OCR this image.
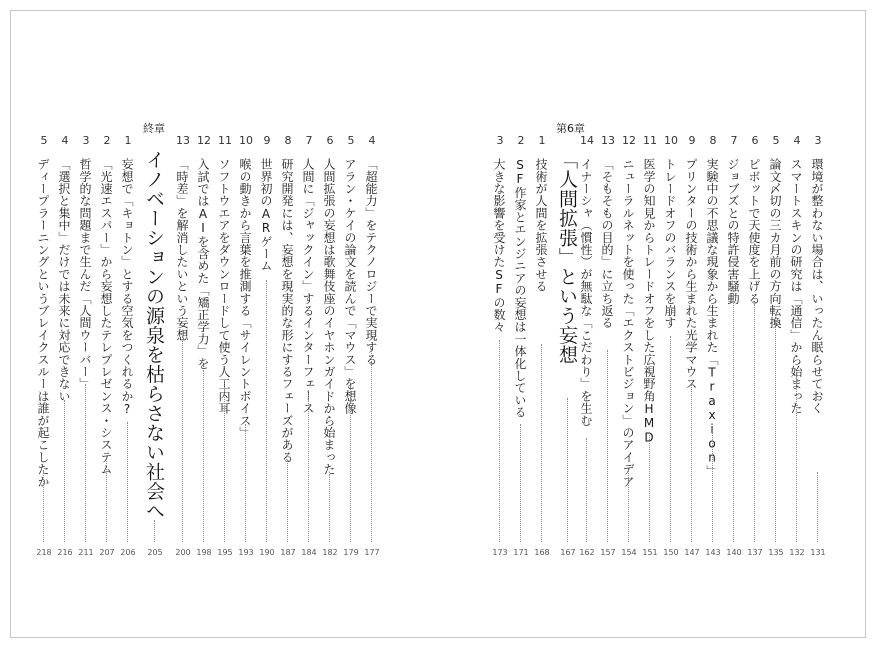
3
環境が整わない場合は、いったん眠らせておく
131
4
スマートスキンの研究は「通信」から始まった
132
5
論文〆切の三カ月前の方向転換
135
6
ピボットで天使度を上げる
137
7
ジョブズとの特許侵害騒動
140
8
実験中の不思議な現象から生まれた「Traxion」
143
9
プリンターの技術から生まれた光学マウス
147
10
トレードオフのバランスを崩す
150
11
医学の知見からトレードオフをした広視野角HMD
151
12
ニューラルネットを使った「エクストビジョン」のアイデア
154
13
「そもそもの目的」に立ち返る
157
14
イナーシャ（慣性）が無駄な「こだわり」を生む
162
第6章
「人間拡張」という妄想
167
1
技術が人間を拡張させる
168
2
SF作家とエンジニアの妄想は一体化している
171
3
大きな影響を受けたSFの数々
173
4
「超能力」をテクノロジーで実現する
177
5
アラン・ケイの論文を読んで「マウス」を想像
179
6
人間拡張の妄想は歌舞伎座のイヤホンガイドから始まった
182
7
人間に「ジャックイン」するインターフェース
184
8
研究開発には、妄想を現実的な形にするフェーズがある
187
9
世界初のARゲーム
190
10
喉の動きから言葉を推測する「サイレントボイス」
193
11
ソフトウエアをダウンロードして使う人工内耳
195
12
入試ではAIを含めた「矯正学力」を
198
13
「時差」を解消したいという妄想
200
終章
イノベーションの源泉を枯らさない社会へ
205
1
妄想で「キョトン」とする空気をつくれるか?
206
2
「光速エスパー」から妄想したテレプレゼンス・システム
207
3
哲学的な問題まで生んだ「人間ウーバー」
211
4
「選択と集中」だけでは未来に対応できない
216
5
ディープラーニングというブレイクスルーは誰が起こしたか
218
